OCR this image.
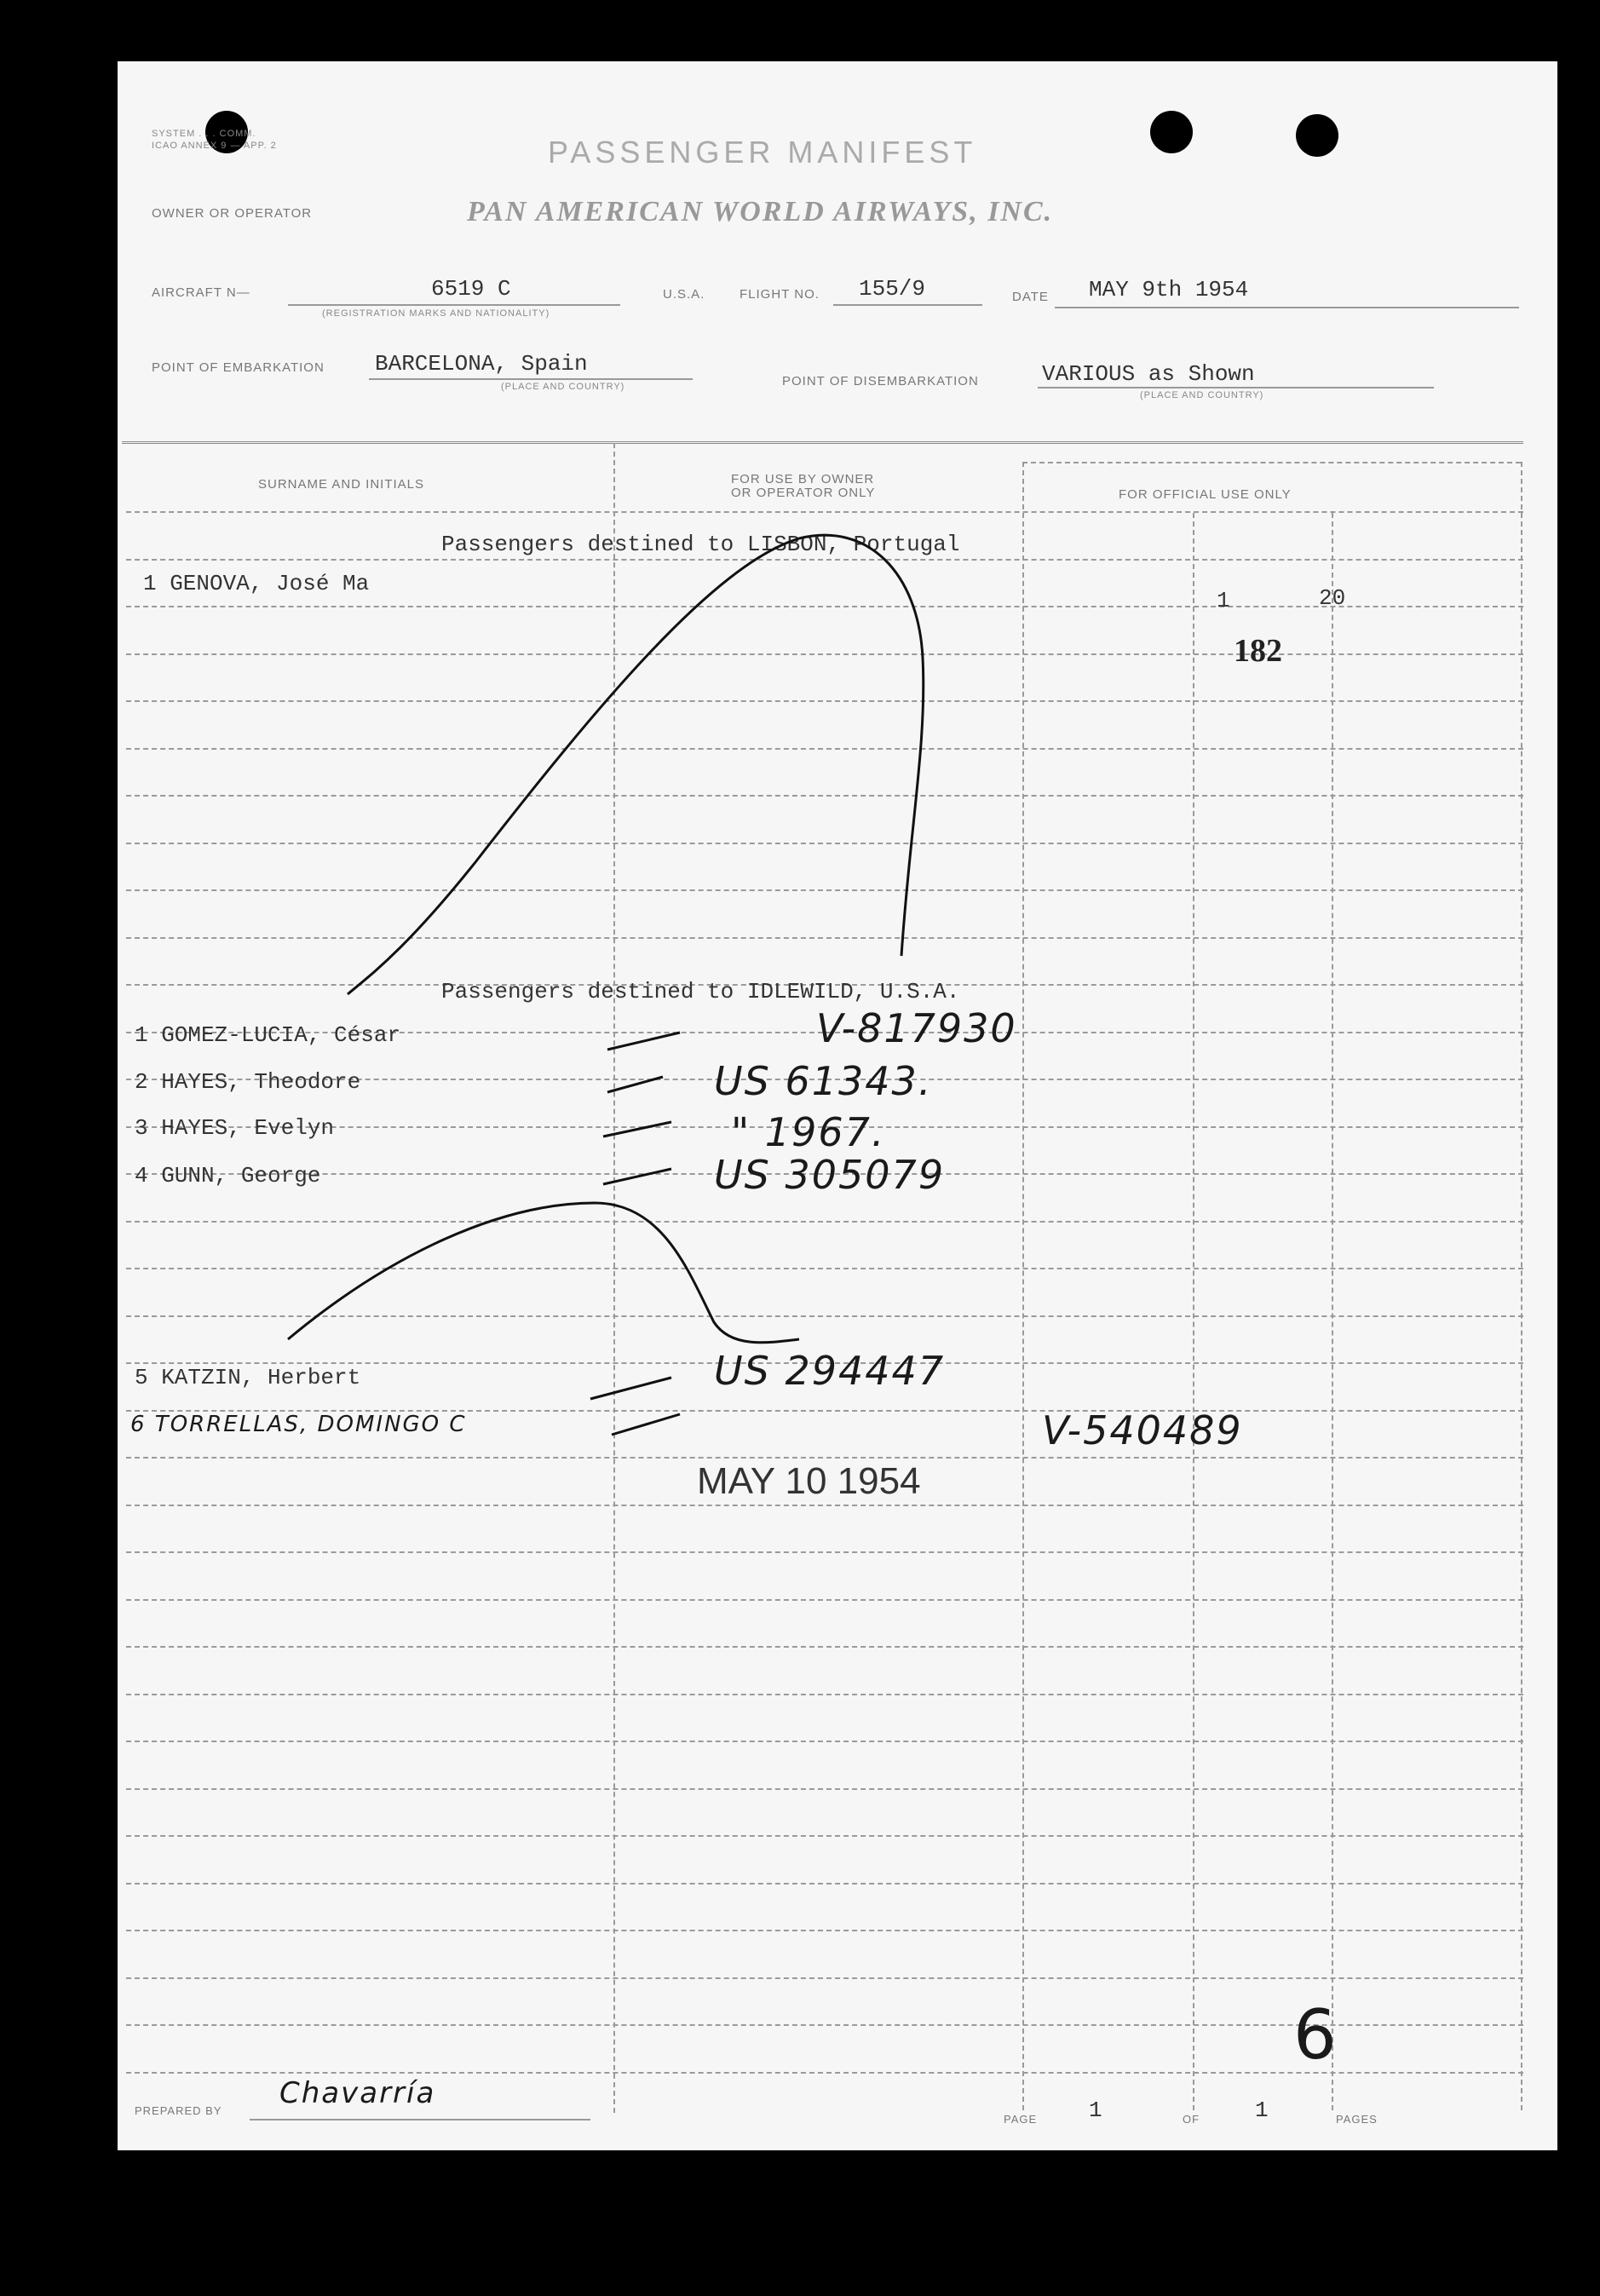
SYSTEM . . . COMM.
ICAO ANNEX 9 — APP. 2	PASSENGER MANIFEST
OWNER OR OPERATOR	PAN AMERICAN WORLD AIRWAYS, INC.
AIRCRAFT N—	6519 C
(REGISTRATION MARKS AND NATIONALITY)
U.S.A.	FLIGHT NO. 155/9	DATE MAY 9th 1954
POINT OF EMBARKATION BARCELONA, Spain
(PLACE AND COUNTRY)	POINT OF DISEMBARKATION	VARIOUS as Shown
(PLACE AND COUNTRY)
SURNAME AND INITIALS	FOR USE BY OWNER
OR OPERATOR ONLY	FOR OFFICIAL USE ONLY
Passengers destined to LISBON, Portugal
1 GENOVA, José Ma
1	20
182
Passengers destined to IDLEWILD, U.S.A.
1 GOMEZ-LUCIA, César	V-817930
2 HAYES, Theodore	US 61343.
3 HAYES, Evelyn	" 1967.
4 GUNN, George	US 305079
5 KATZIN, Herbert	US 294447
6 TORRELLAS, DOMINGO C	V-540489
MAY 10 1954
6
PREPARED BY
Chavarría
PAGE 1	OF 1	PAGES
